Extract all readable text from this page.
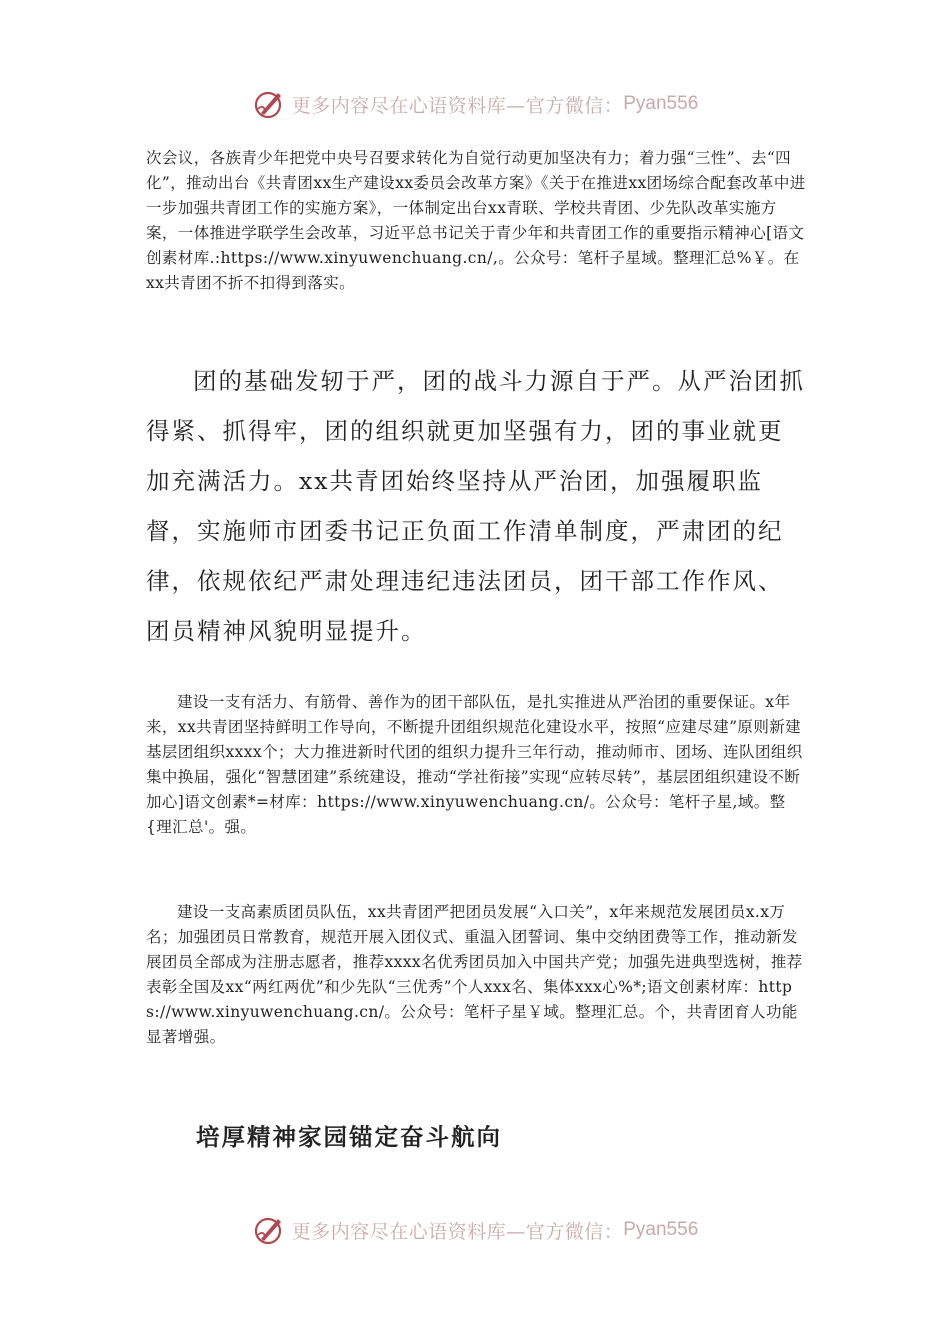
更多内容尽在心语资料库—官方微信： Pyan556

次会议，各族青少年把党中央号召要求转化为自觉行动更加坚决有力；着力强“三性”、去“四化”，推动出台《共青团xx生产建设xx委员会改革方案》《关于在推进xx团场综合配套改革中进一步加强共青团工作的实施方案》，一体制定出台xx青联、学校共青团、少先队改革实施方案，一体推进学联学生会改革，习近平总书记关于青少年和共青团工作的重要指示精神心[语文创素材库.:https://www.xinyuwenchuang.cn/,。公众号：笔杆子星域。整理汇总%￥。在xx共青团不折不扣得到落实。

团的基础发轫于严，团的战斗力源自于严。从严治团抓得紧、抓得牢，团的组织就更加坚强有力，团的事业就更加充满活力。xx共青团始终坚持从严治团，加强履职监督，实施师市团委书记正负面工作清单制度，严肃团的纪律，依规依纪严肃处理违纪违法团员，团干部工作作风、团员精神风貌明显提升。

建设一支有活力、有筋骨、善作为的团干部队伍，是扎实推进从严治团的重要保证。x年来，xx共青团坚持鲜明工作导向，不断提升团组织规范化建设水平，按照“应建尽建”原则新建基层团组织xxxx个；大力推进新时代团的组织力提升三年行动，推动师市、团场、连队团组织集中换届，强化“智慧团建”系统建设，推动“学社衔接”实现“应转尽转”，基层团组织建设不断加心]语文创素*=材库：https://www.xinyuwenchuang.cn/。公众号：笔杆子星,域。整{理汇总'。强。

建设一支高素质团员队伍，xx共青团严把团员发展“入口关”，x年来规范发展团员x.x万名；加强团员日常教育，规范开展入团仪式、重温入团誓词、集中交纳团费等工作，推动新发展团员全部成为注册志愿者，推荐xxxx名优秀团员加入中国共产党；加强先进典型选树，推荐表彰全国及xx“两红两优”和少先队“三优秀”个人xxx名、集体xxx心%*;语文创素材库：https://www.xinyuwenchuang.cn/。公众号：笔杆子星￥域。整理汇总。个，共青团育人功能显著增强。

培厚精神家园锚定奋斗航向
更多内容尽在心语资料库—官方微信： Pyan556
